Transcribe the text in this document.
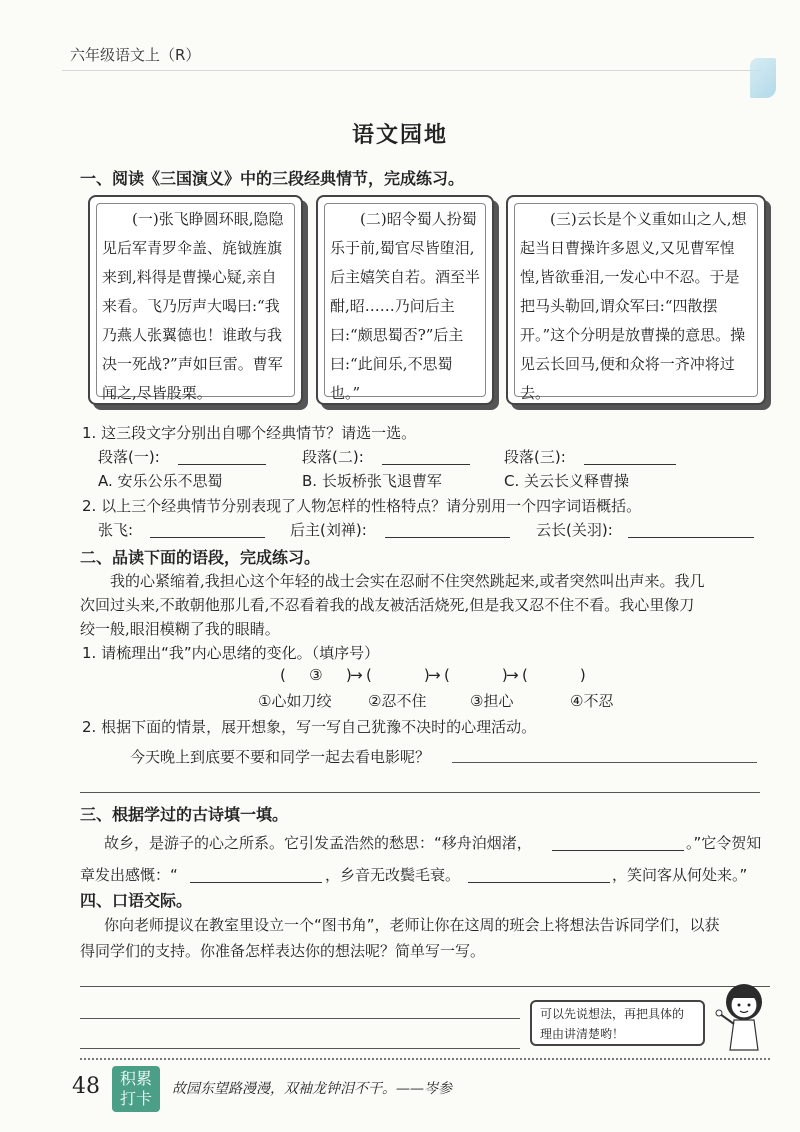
六年级语文上（R）
语文园地
一、阅读《三国演义》中的三段经典情节，完成练习。
(一)张飞睁圆环眼,隐隐见后军青罗伞盖、旄钺旌旗来到,料得是曹操心疑,亲自来看。飞乃厉声大喝曰:“我乃燕人张翼德也！谁敢与我决一死战?”声如巨雷。曹军闻之,尽皆股栗。
(二)昭令蜀人扮蜀乐于前,蜀官尽皆堕泪,后主嬉笑自若。酒至半酣,昭……乃问后主曰:“颇思蜀否?”后主曰:“此间乐,不思蜀也。”
(三)云长是个义重如山之人,想起当日曹操许多恩义,又见曹军惶惶,皆欲垂泪,一发心中不忍。于是把马头勒回,谓众军曰:“四散摆开。”这个分明是放曹操的意思。操见云长回马,便和众将一齐冲将过去。
1. 这三段文字分别出自哪个经典情节？请选一选。
段落(一):	段落(二):	段落(三):
A. 安乐公乐不思蜀	B. 长坂桥张飞退曹军	C. 关云长义释曹操
2. 以上三个经典情节分别表现了人物怎样的性格特点？请分别用一个四字词语概括。
张飞:	后主(刘禅):	云长(关羽):
二、品读下面的语段，完成练习。
我的心紧缩着,我担心这个年轻的战士会实在忍耐不住突然跳起来,或者突然叫出声来。我几
次回过头来,不敢朝他那儿看,不忍看着我的战友被活活烧死,但是我又忍不住不看。我心里像刀
绞一般,眼泪模糊了我的眼睛。
1. 请梳理出“我”内心思绪的变化。（填序号）
( ③ )
→ (	)
→ (	)
→ (	)
①心如刀绞 ②忍不住	③担心	④不忍
2. 根据下面的情景，展开想象，写一写自己犹豫不决时的心理活动。
今天晚上到底要不要和同学一起去看电影呢？
三、根据学过的古诗填一填。
故乡，是游子的心之所系。它引发孟浩然的愁思：“移舟泊烟渚，	。”它令贺知
章发出感慨：“	，乡音无改鬓毛衰。	，笑问客从何处来。”
四、口语交际。
你向老师提议在教室里设立一个“图书角”，老师让你在这周的班会上将想法告诉同学们，以获
得同学们的支持。你准备怎样表达你的想法呢？简单写一写。
可以先说想法，再把具体的
理由讲清楚哟！
48	积累
打卡	故园东望路漫漫，双袖龙钟泪不干。——岑参
